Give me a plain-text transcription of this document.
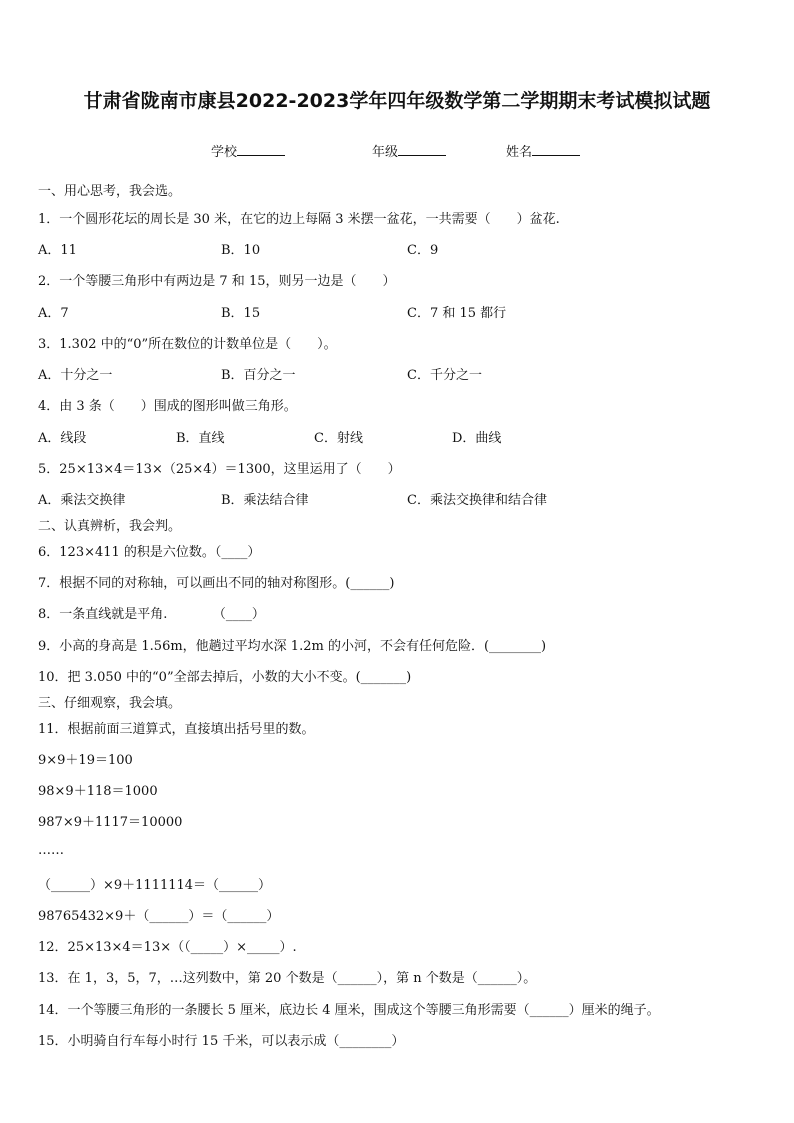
甘肃省陇南市康县2022-2023学年四年级数学第二学期期末考试模拟试题
学校	年级	姓名
一、用心思考，我会选。
1．一个圆形花坛的周长是 30 米，在它的边上每隔 3 米摆一盆花，一共需要（　　）盆花.
A．11	B．10	C．9
2．一个等腰三角形中有两边是 7 和 15，则另一边是（　　）
A．7	B．15	C．7 和 15 都行
3．1.302 中的“0”所在数位的计数单位是（　　）。
A．十分之一	B．百分之一	C．千分之一
4．由 3 条（　　）围成的图形叫做三角形。
A．线段	B．直线	C．射线	D．曲线
5．25×13×4＝13×（25×4）＝1300，这里运用了（　　）
A．乘法交换律	B．乘法结合律	C．乘法交换律和结合律
二、认真辨析，我会判。
6．123×411 的积是六位数。（____）
7．根据不同的对称轴，可以画出不同的轴对称图形。(______)
8．一条直线就是平角.　　　　（____）
9．小高的身高是 1.56m，他趟过平均水深 1.2m 的小河，不会有任何危险．(________)
10．把 3.050 中的“0”全部去掉后，小数的大小不变。(_______)
三、仔细观察，我会填。
11．根据前面三道算式，直接填出括号里的数。
9×9＋19＝100
98×9＋118＝1000
987×9＋1117＝10000
……
（______）×9＋1111114＝（______）
98765432×9＋（______）＝（______）
12．25×13×4＝13×（（_____）×_____）.
13．在 1，3，5，7，…这列数中，第 20 个数是（______），第 n 个数是（______）。
14．一个等腰三角形的一条腰长 5 厘米，底边长 4 厘米，围成这个等腰三角形需要（______）厘米的绳子。
15．小明骑自行车每小时行 15 千米，可以表示成（________）
